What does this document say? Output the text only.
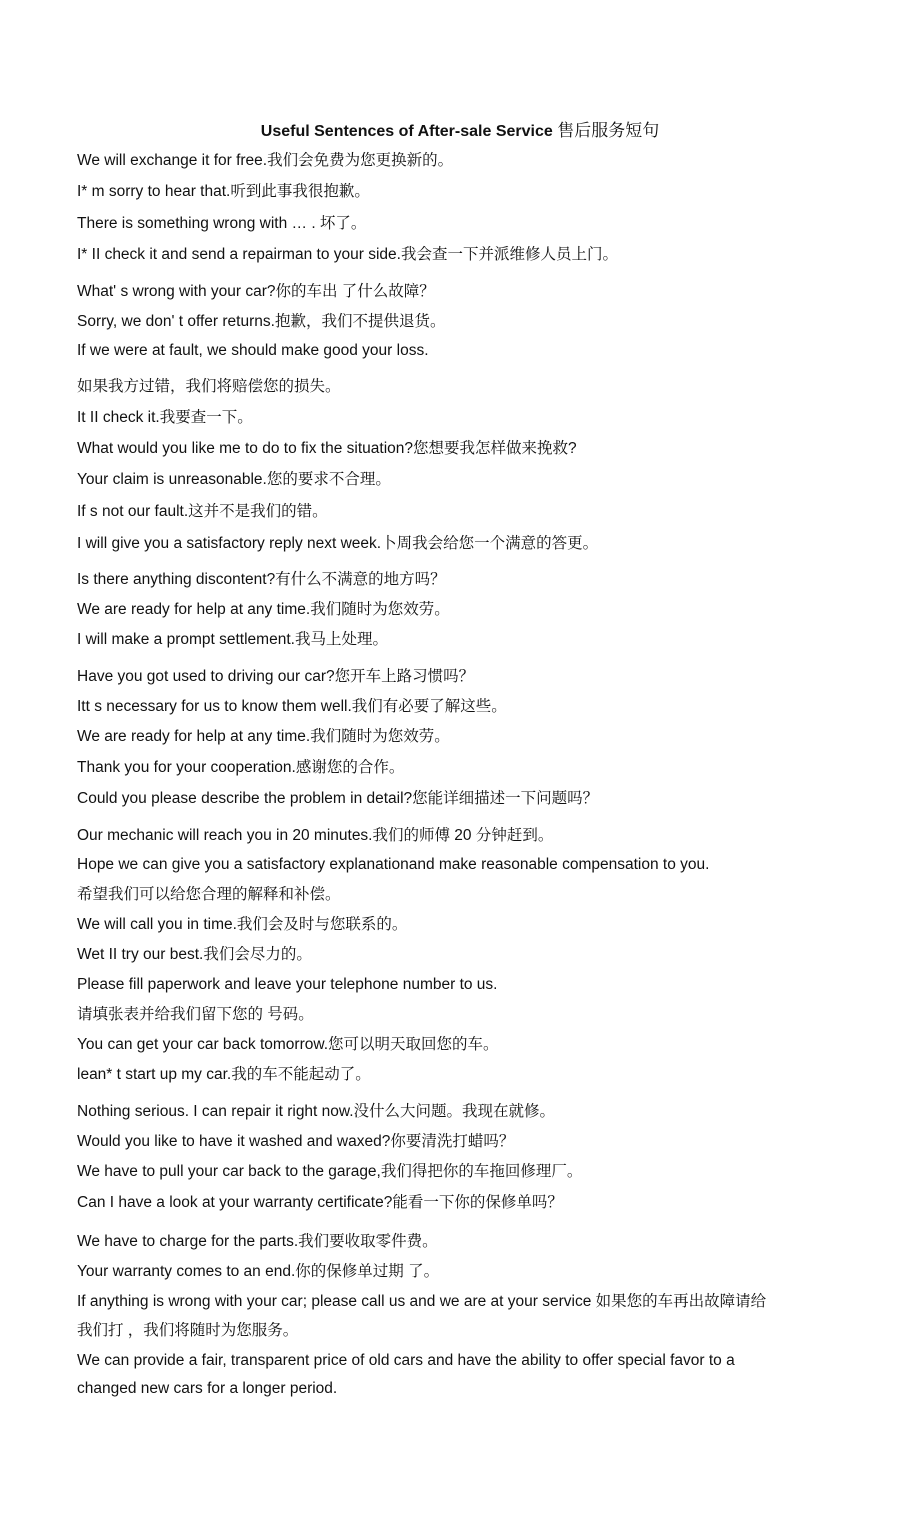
Useful Sentences of After-sale Service 售后服务短句
We will exchange it for free.我们会免费为您更换新的。
I* m sorry to hear that.听到此事我很抱歉。
There is something wrong with … . 坏了。
I* II check it and send a repairman to your side.我会查一下并派维修人员上门。
What' s wrong with your car?你的车出 了什么故障？
Sorry, we don' t offer returns.抱歉，我们不提供退货。
If we were at fault, we should make good your loss.
如果我方过错，我们将赔偿您的损失。
It II check it.我要查一下。
What would you like me to do to fix the situation?您想要我怎样做来挽救?
Your claim is unreasonable.您的要求不合理。
If s not our fault.这并不是我们的错。
I will give you a satisfactory reply next week.卜周我会给您一个满意的答更。
Is there anything discontent?有什么不满意的地方吗？
We are ready for help at any time.我们随时为您效劳。
I will make a prompt settlement.我马上处理。
Have you got used to driving our car?您开车上路习惯吗？
Itt s necessary for us to know them well.我们有必要了解这些。
We are ready for help at any time.我们随时为您效劳。
Thank you for your cooperation.感谢您的合作。
Could you please describe the problem in detail?您能详细描述一下问题吗？
Our mechanic will reach you in 20 minutes.我们的师傅 20 分钟赶到。
Hope we can give you a satisfactory explanationand make reasonable compensation to you.
希望我们可以给您合理的解释和补偿。
We will call you in time.我们会及时与您联系的。
Wet II try our best.我们会尽力的。
Please fill paperwork and leave your telephone number to us.
请填张表并给我们留下您的 号码。
You can get your car back tomorrow.您可以明天取回您的车。
lean* t start up my car.我的车不能起动了。
Nothing serious. I can repair it right now.没什么大问题。我现在就修。
Would you like to have it washed and waxed?你要清洗打蜡吗？
We have to pull your car back to the garage,我们得把你的车拖回修理厂。
Can I have a look at your warranty certificate?能看一下你的保修单吗？
We have to charge for the parts.我们要收取零件费。
Your warranty comes to an end.你的保修单过期 了。
If anything is wrong with your car; please call us and we are at your service 如果您的车再出故障请给
我们打 ，我们将随时为您服务。
We can provide a fair, transparent price of old cars and have the ability to offer special favor to a
changed new cars for a longer period.
